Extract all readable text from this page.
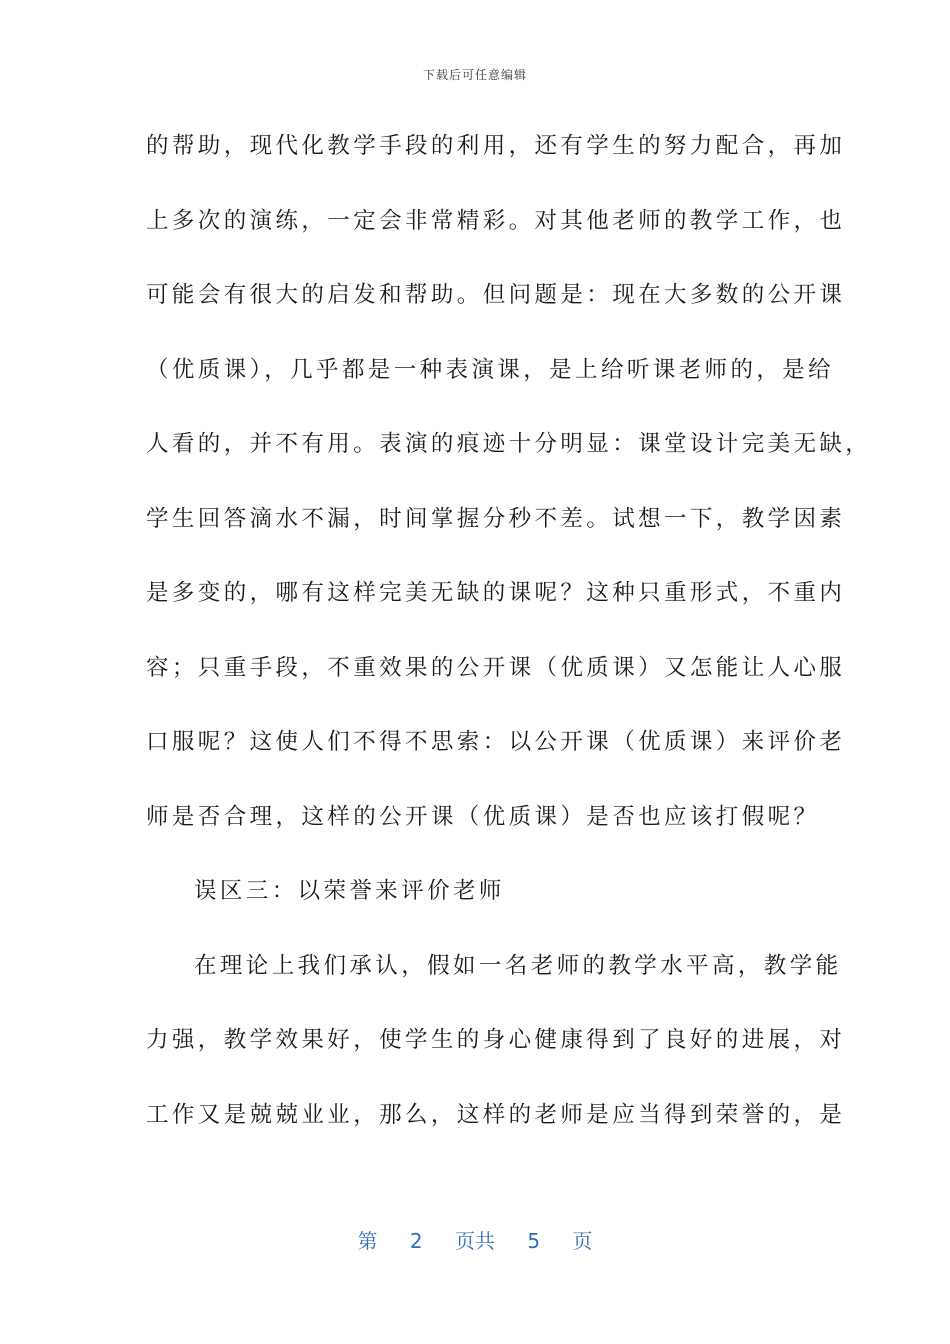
下载后可任意编辑
的帮助，现代化教学手段的利用，还有学生的努力配合，再加
上多次的演练，一定会非常精彩。对其他老师的教学工作，也
可能会有很大的启发和帮助。但问题是：现在大多数的公开课
（优质课），几乎都是一种表演课，是上给听课老师的，是给
人看的，并不有用。表演的痕迹十分明显：课堂设计完美无缺，
学生回答滴水不漏，时间掌握分秒不差。试想一下，教学因素
是多变的，哪有这样完美无缺的课呢？这种只重形式，不重内
容；只重手段，不重效果的公开课（优质课）又怎能让人心服
口服呢？这使人们不得不思索：以公开课（优质课）来评价老
师是否合理，这样的公开课（优质课）是否也应该打假呢？
误区三：以荣誉来评价老师
在理论上我们承认，假如一名老师的教学水平高，教学能
力强，教学效果好，使学生的身心健康得到了良好的进展，对
工作又是兢兢业业，那么，这样的老师是应当得到荣誉的，是
第 2 页共 5 页
